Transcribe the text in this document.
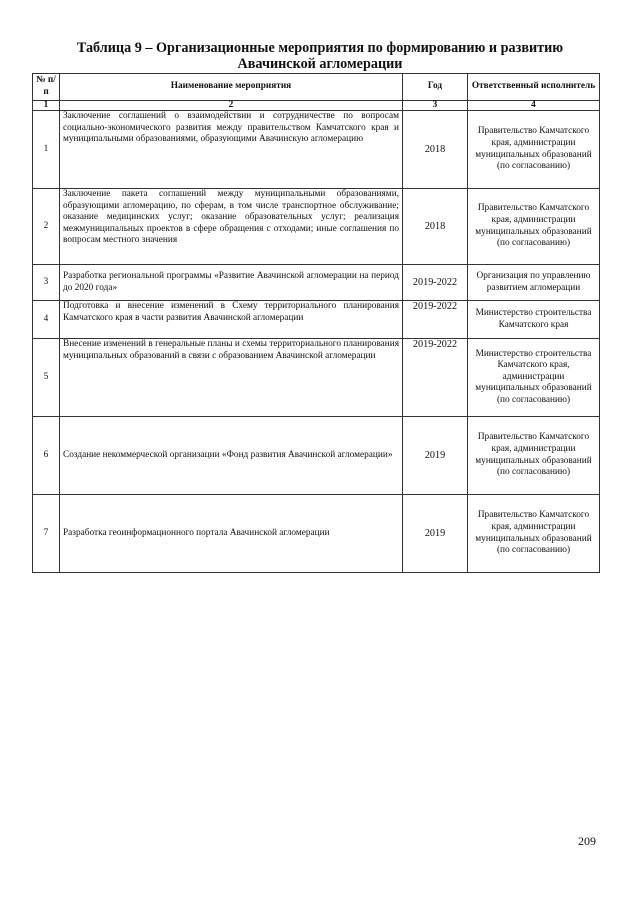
Таблица 9 – Организационные мероприятия по формированию и развитию
Авачинской агломерации
№ п/п	Наименование мероприятия	Год	Ответственный исполнитель
1	2	3	4
1	Заключение соглашений о взаимодействии и сотрудничестве по вопросам социально-экономического развития между правительством Камчатского края и муниципальными образованиями, образующими Авачинскую агломерацию	2018	Правительство Камчатского края, администрации муниципальных образований (по согласованию)
2	Заключение пакета соглашений между муниципальными образованиями, образующими агломерацию, по сферам, в том числе транспортное обслуживание; оказание медицинских услуг; оказание образовательных услуг; реализация межмуниципальных проектов в сфере обращения с отходами; иные соглашения по вопросам местного значения	2018	Правительство Камчатского края, администрации муниципальных образований (по согласованию)
3	Разработка региональной программы «Развитие Авачинской агломерации на период до 2020 года»	2019-2022	Организация по управлению развитием агломерации
4	Подготовка и внесение изменений в Схему территориального планирования Камчатского края в части развития Авачинской агломерации	2019-2022	Министерство строительства Камчатского края
5	Внесение изменений в генеральные планы и схемы территориального планирования муниципальных образований в связи с образованием Авачинской агломерации	2019-2022	Министерство строительства Камчатского края, администрации муниципальных образований (по согласованию)
6	Создание некоммерческой организации «Фонд развития Авачинской агломерации»	2019	Правительство Камчатского края, администрации муниципальных образований (по согласованию)
7	Разработка геоинформационного портала Авачинской агломерации	2019	Правительство Камчатского края, администрации муниципальных образований (по согласованию)
209
